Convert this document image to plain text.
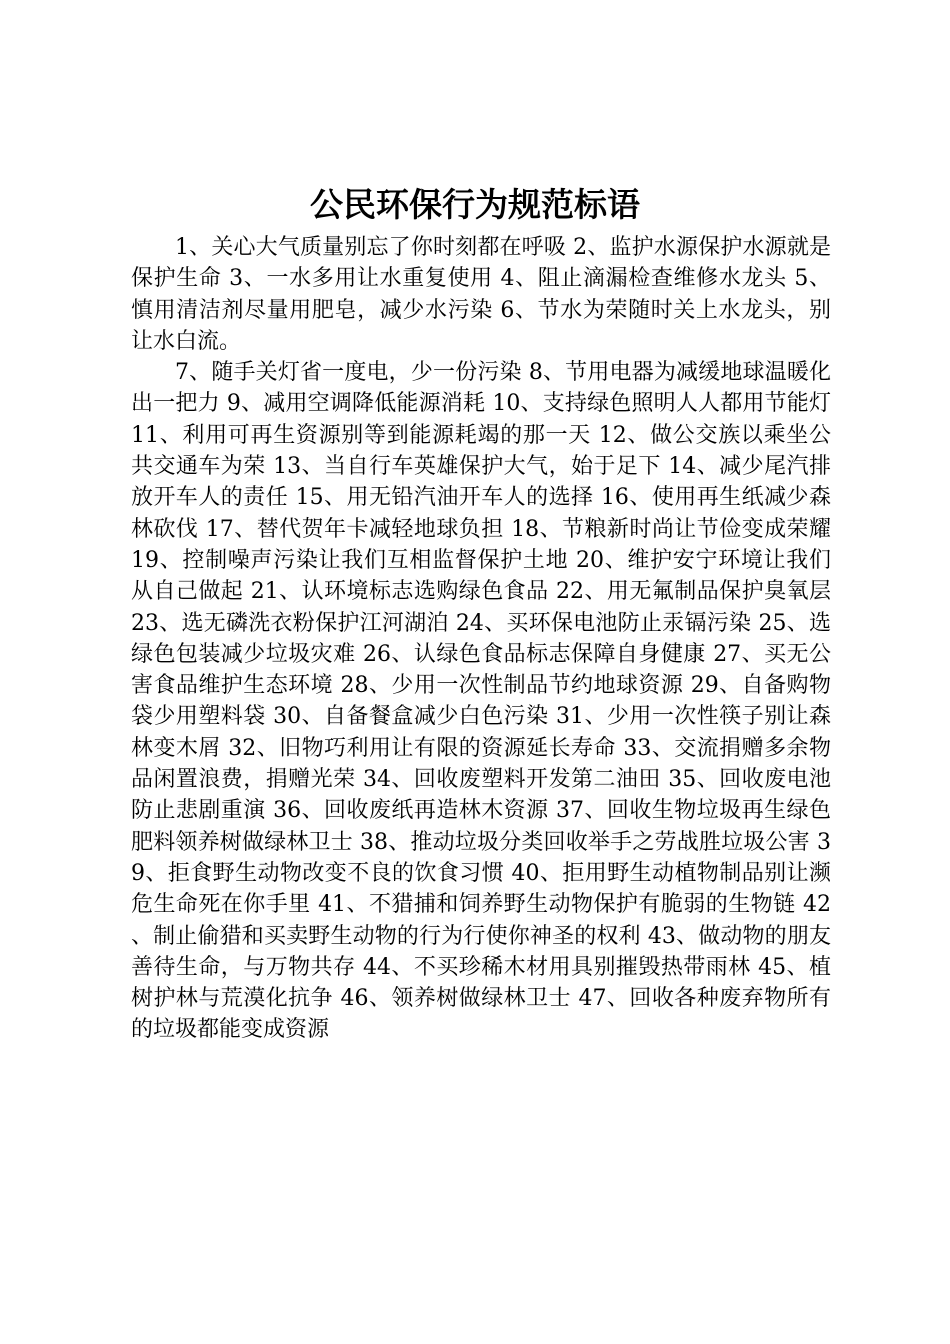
公民环保行为规范标语

1、关心大气质量别忘了你时刻都在呼吸 2、监护水源保护水源就是保护生命 3、一水多用让水重复使用 4、阻止滴漏检查维修水龙头 5、慎用清洁剂尽量用肥皂，减少水污染 6、节水为荣随时关上水龙头，别让水白流。

7、随手关灯省一度电，少一份污染 8、节用电器为减缓地球温暖化出一把力 9、减用空调降低能源消耗 10、支持绿色照明人人都用节能灯 11、利用可再生资源别等到能源耗竭的那一天 12、做公交族以乘坐公共交通车为荣 13、当自行车英雄保护大气，始于足下 14、减少尾汽排放开车人的责任 15、用无铅汽油开车人的选择 16、使用再生纸减少森林砍伐 17、替代贺年卡减轻地球负担 18、节粮新时尚让节俭变成荣耀 19、控制噪声污染让我们互相监督保护土地 20、维护安宁环境让我们从自己做起 21、认环境标志选购绿色食品 22、用无氟制品保护臭氧层 23、选无磷洗衣粉保护江河湖泊 24、买环保电池防止汞镉污染 25、选绿色包装减少垃圾灾难 26、认绿色食品标志保障自身健康 27、买无公害食品维护生态环境 28、少用一次性制品节约地球资源 29、自备购物袋少用塑料袋 30、自备餐盒减少白色污染 31、少用一次性筷子别让森林变木屑 32、旧物巧利用让有限的资源延长寿命 33、交流捐赠多余物品闲置浪费，捐赠光荣 34、回收废塑料开发第二油田 35、回收废电池防止悲剧重演 36、回收废纸再造林木资源 37、回收生物垃圾再生绿色肥料领养树做绿林卫士 38、推动垃圾分类回收举手之劳战胜垃圾公害 39、拒食野生动物改变不良的饮食习惯 40、拒用野生动植物制品别让濒危生命死在你手里 41、不猎捕和饲养野生动物保护有脆弱的生物链 42、制止偷猎和买卖野生动物的行为行使你神圣的权利 43、做动物的朋友善待生命，与万物共存 44、不买珍稀木材用具别摧毁热带雨林 45、植树护林与荒漠化抗争 46、领养树做绿林卫士 47、回收各种废弃物所有的垃圾都能变成资源
